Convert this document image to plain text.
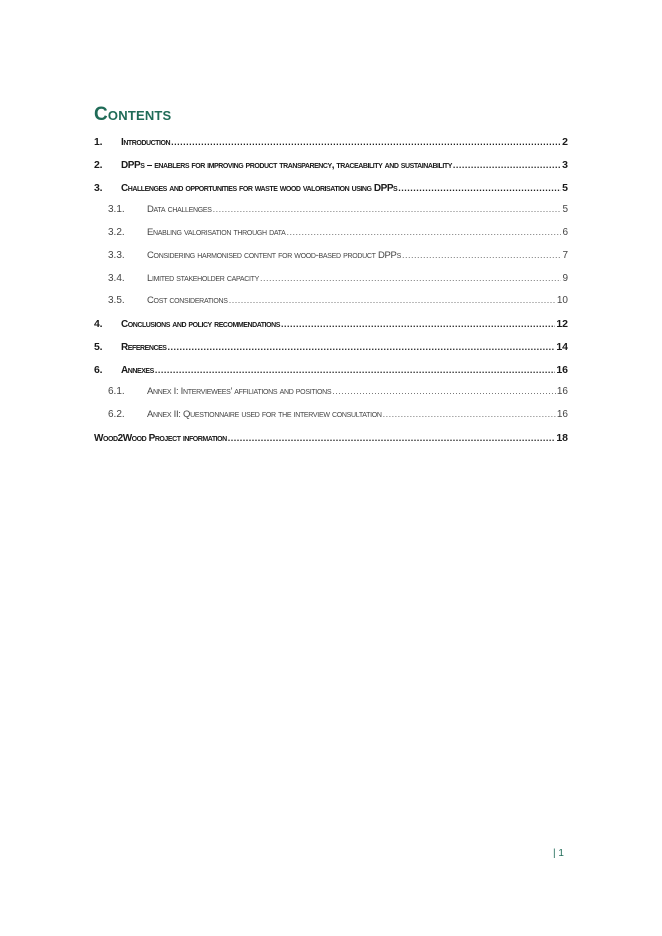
Contents
1.	Introduction .....	2
2.	DPPs – enablers for improving product transparency, traceability and sustainability .....	3
3.	Challenges and opportunities for waste wood valorisation using DPPs .....	5
3.1.	Data challenges .....	5
3.2.	Enabling valorisation through data .....	6
3.3.	Considering harmonised content for wood-based product DPPs .....	7
3.4.	Limited stakeholder capacity .....	9
3.5.	Cost considerations .....	10
4.	Conclusions and policy recommendations .....	12
5.	References .....	14
6.	Annexes .....	16
6.1.	Annex I: Interviewees’ affiliations and positions .....	16
6.2.	Annex II: Questionnaire used for the interview consultation .....	16
Wood2Wood Project information .....	18
| 1
